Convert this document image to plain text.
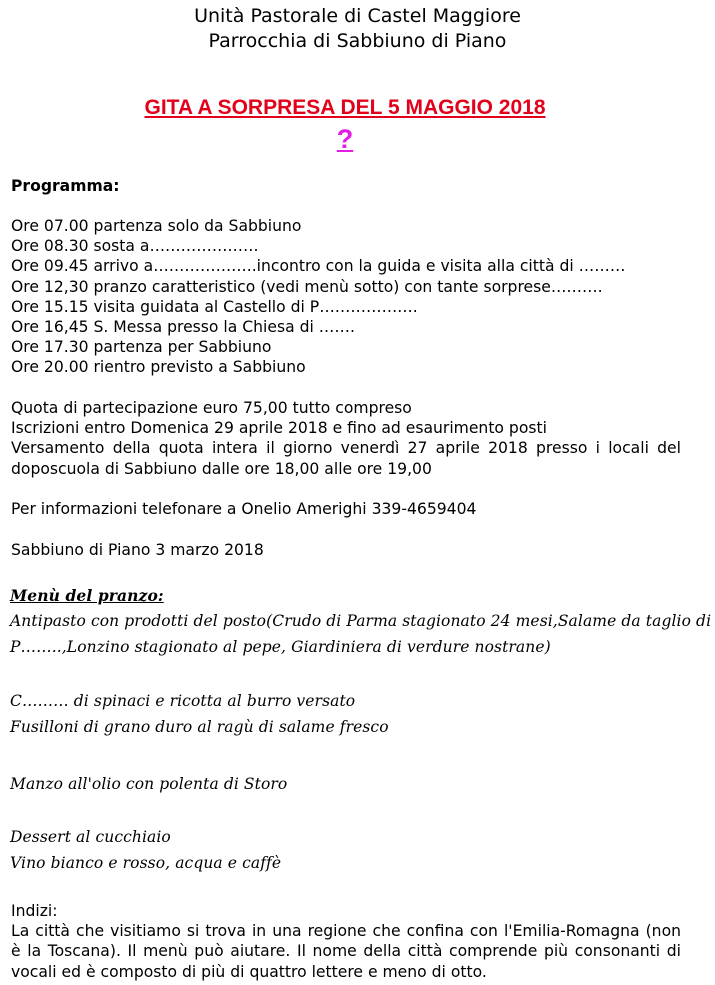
Unità Pastorale di Castel Maggiore
Parrocchia di Sabbiuno di Piano
GITA A SORPRESA DEL 5 MAGGIO 2018
?
Programma:
Ore 07.00 partenza solo da Sabbiuno
Ore 08.30 sosta a…………………
Ore 09.45 arrivo a………………..incontro con la guida e visita alla città di ………
Ore 12,30 pranzo caratteristico (vedi menù sotto) con tante sorprese……….
Ore 15.15 visita guidata al Castello di P……………….
Ore 16,45 S. Messa presso la Chiesa di …….
Ore 17.30 partenza per Sabbiuno
Ore 20.00 rientro previsto a Sabbiuno
Quota di partecipazione euro 75,00 tutto compreso
Iscrizioni entro Domenica 29 aprile 2018 e fino ad esaurimento posti
Versamento della quota intera il giorno venerdì 27 aprile 2018 presso i locali del doposcuola di Sabbiuno dalle ore 18,00 alle ore 19,00
Per informazioni telefonare a Onelio Amerighi 339-4659404
Sabbiuno di Piano 3 marzo 2018
Menù del pranzo:
Antipasto con prodotti del posto(Crudo di Parma stagionato 24 mesi,Salame da taglio di
P……..,Lonzino stagionato al pepe, Giardiniera di verdure nostrane)
C……… di spinaci e ricotta al burro versato
Fusilloni di grano duro al ragù di salame fresco
Manzo all'olio con polenta di Storo
Dessert al cucchiaio
Vino bianco e rosso, acqua e caffè
Indizi:
La città che visitiamo si trova in una regione che confina con l'Emilia-Romagna (non è la Toscana). Il menù può aiutare. Il nome della città comprende più consonanti di vocali ed è composto di più di quattro lettere e meno di otto.
